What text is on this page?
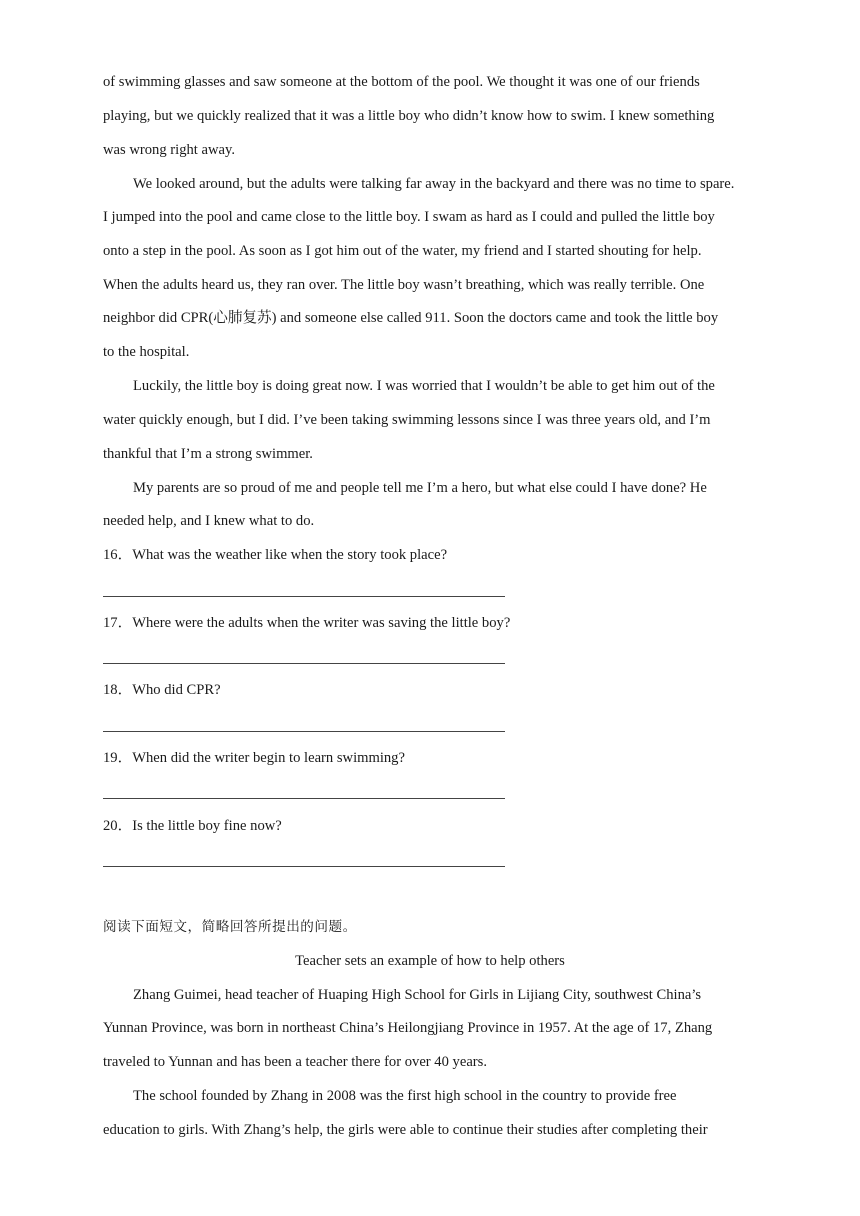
of swimming glasses and saw someone at the bottom of the pool. We thought it was one of our friends
playing, but we quickly realized that it was a little boy who didn’t know how to swim. I knew something
was wrong right away.
We looked around, but the adults were talking far away in the backyard and there was no time to spare.
I jumped into the pool and came close to the little boy. I swam as hard as I could and pulled the little boy
onto a step in the pool. As soon as I got him out of the water, my friend and I started shouting for help.
When the adults heard us, they ran over. The little boy wasn’t breathing, which was really terrible. One
neighbor did CPR(心肺复苏) and someone else called 911. Soon the doctors came and took the little boy
to the hospital.
Luckily, the little boy is doing great now. I was worried that I wouldn’t be able to get him out of the
water quickly enough, but I did. I’ve been taking swimming lessons since I was three years old, and I’m
thankful that I’m a strong swimmer.
My parents are so proud of me and people tell me I’m a hero, but what else could I have done? He
needed help, and I knew what to do.
16．What was the weather like when the story took place?
17．Where were the adults when the writer was saving the little boy?
18．Who did CPR?
19．When did the writer begin to learn swimming?
20．Is the little boy fine now?
阅读下面短文，简略回答所提出的问题。
Teacher sets an example of how to help others
Zhang Guimei, head teacher of Huaping High School for Girls in Lijiang City, southwest China’s
Yunnan Province, was born in northeast China’s Heilongjiang Province in 1957. At the age of 17, Zhang
traveled to Yunnan and has been a teacher there for over 40 years.
The school founded by Zhang in 2008 was the first high school in the country to provide free
education to girls. With Zhang’s help, the girls were able to continue their studies after completing their
